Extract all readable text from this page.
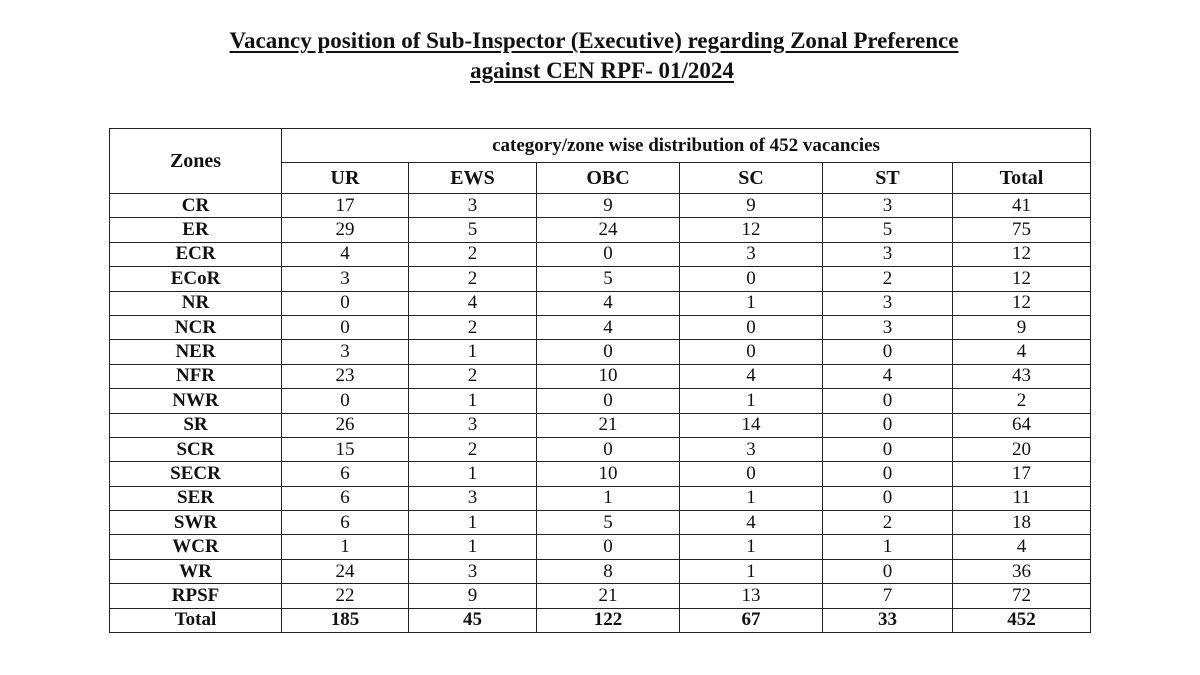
Vacancy position of Sub-Inspector (Executive) regarding Zonal Preference
against CEN RPF- 01/2024
Zones	category/zone wise distribution of 452 vacancies					
	UR	EWS	OBC	SC	ST	Total
CR	17	3	9	9	3	41
ER	29	5	24	12	5	75
ECR	4	2	0	3	3	12
ECoR	3	2	5	0	2	12
NR	0	4	4	1	3	12
NCR	0	2	4	0	3	9
NER	3	1	0	0	0	4
NFR	23	2	10	4	4	43
NWR	0	1	0	1	0	2
SR	26	3	21	14	0	64
SCR	15	2	0	3	0	20
SECR	6	1	10	0	0	17
SER	6	3	1	1	0	11
SWR	6	1	5	4	2	18
WCR	1	1	0	1	1	4
WR	24	3	8	1	0	36
RPSF	22	9	21	13	7	72
Total	185	45	122	67	33	452
